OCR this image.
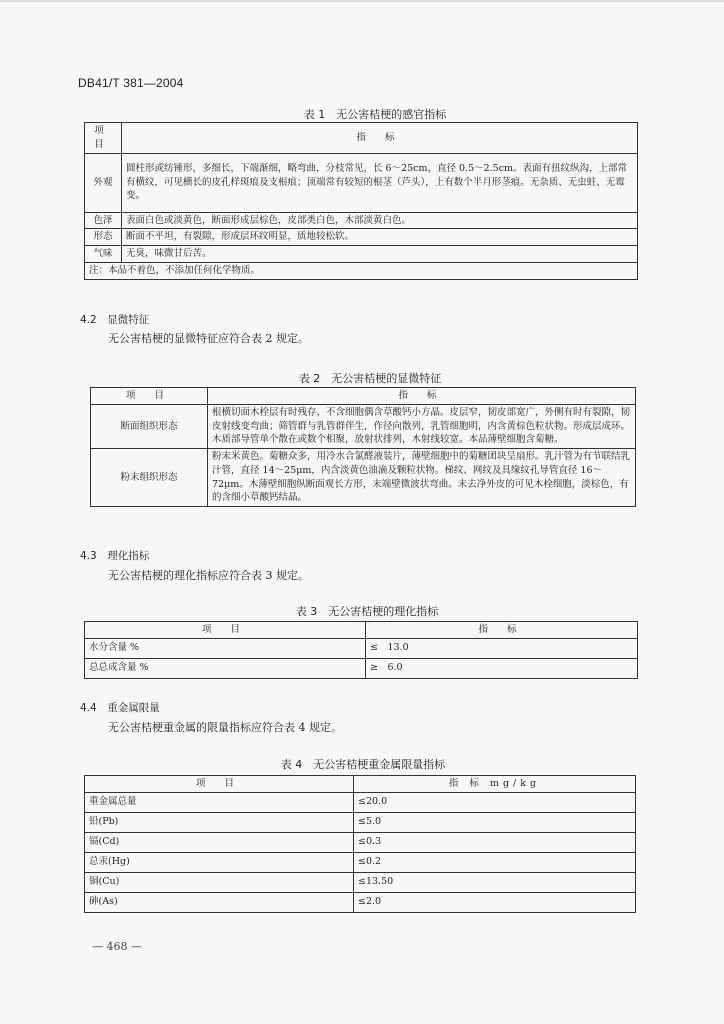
DB41/T 381—2004
表 1　无公害桔梗的感官指标
项 目	指 标
外观	圆柱形或纺锤形，多细长，下端渐细，略弯曲，分枝常见，长 6～25cm，直径 0.5～2.5cm。表面有扭纹纵沟，上部常有横纹，可见横长的皮孔样斑痕及支根痕；顶端常有较短的根茎（芦头），上有数个半月形茎痕。无杂质、无虫蛀、无霉变。
色泽	表面白色或淡黄色，断面形成层棕色，皮部类白色，木部淡黄白色。
形态	断面不平坦，有裂隙，形成层环纹明显，质地较松软。
气味	无臭，味微甘后苦。
注：本品不着色，不添加任何化学物质。	
4.2　显微特征
无公害桔梗的显微特征应符合表 2 规定。
表 2　无公害桔梗的显微特征
项 目	指 标
断面组织形态	根横切面木栓层有时残存，不含细胞偶含草酸钙小方晶。皮层窄，韧皮部宽广，外侧有时有裂隙，韧皮射线变弯曲；筛管群与乳管群伴生，作径向散列，乳管细胞明，内含黄棕色粒状物。形成层成环。木质部导管单个散在或数个相聚，放射状排列，木射线较宽。本品薄壁细胞含菊糖。
粉末组织形态	粉末米黄色。菊糖众多，用冷水合氯醛液装片，薄壁细胞中的菊糖团块呈扇形。乳汁管为有节联结乳汁管，直径 14～25μm，内含淡黄色油滴及颗粒状物。梯纹、网纹及具缘纹孔导管直径 16～72μm。木薄壁细胞纵断面观长方形，末端壁微波状弯曲。未去净外皮的可见木栓细胞，淡棕色，有的含细小草酸钙结晶。
4.3　理化指标
无公害桔梗的理化指标应符合表 3 规定。
表 3　无公害桔梗的理化指标
项 目	指 标
水分含量 %	≤　13.0
总总成含量 %	≥　6.0
4.4　重金属限量
无公害桔梗重金属的限量指标应符合表 4 规定。
表 4　无公害桔梗重金属限量指标
项 目	指 标 mg/kg
重金属总量	≤20.0
铅(Pb)	≤5.0
镉(Cd)	≤0.3
总汞(Hg)	≤0.2
铜(Cu)	≤13.50
砷(As)	≤2.0
— 468 —
